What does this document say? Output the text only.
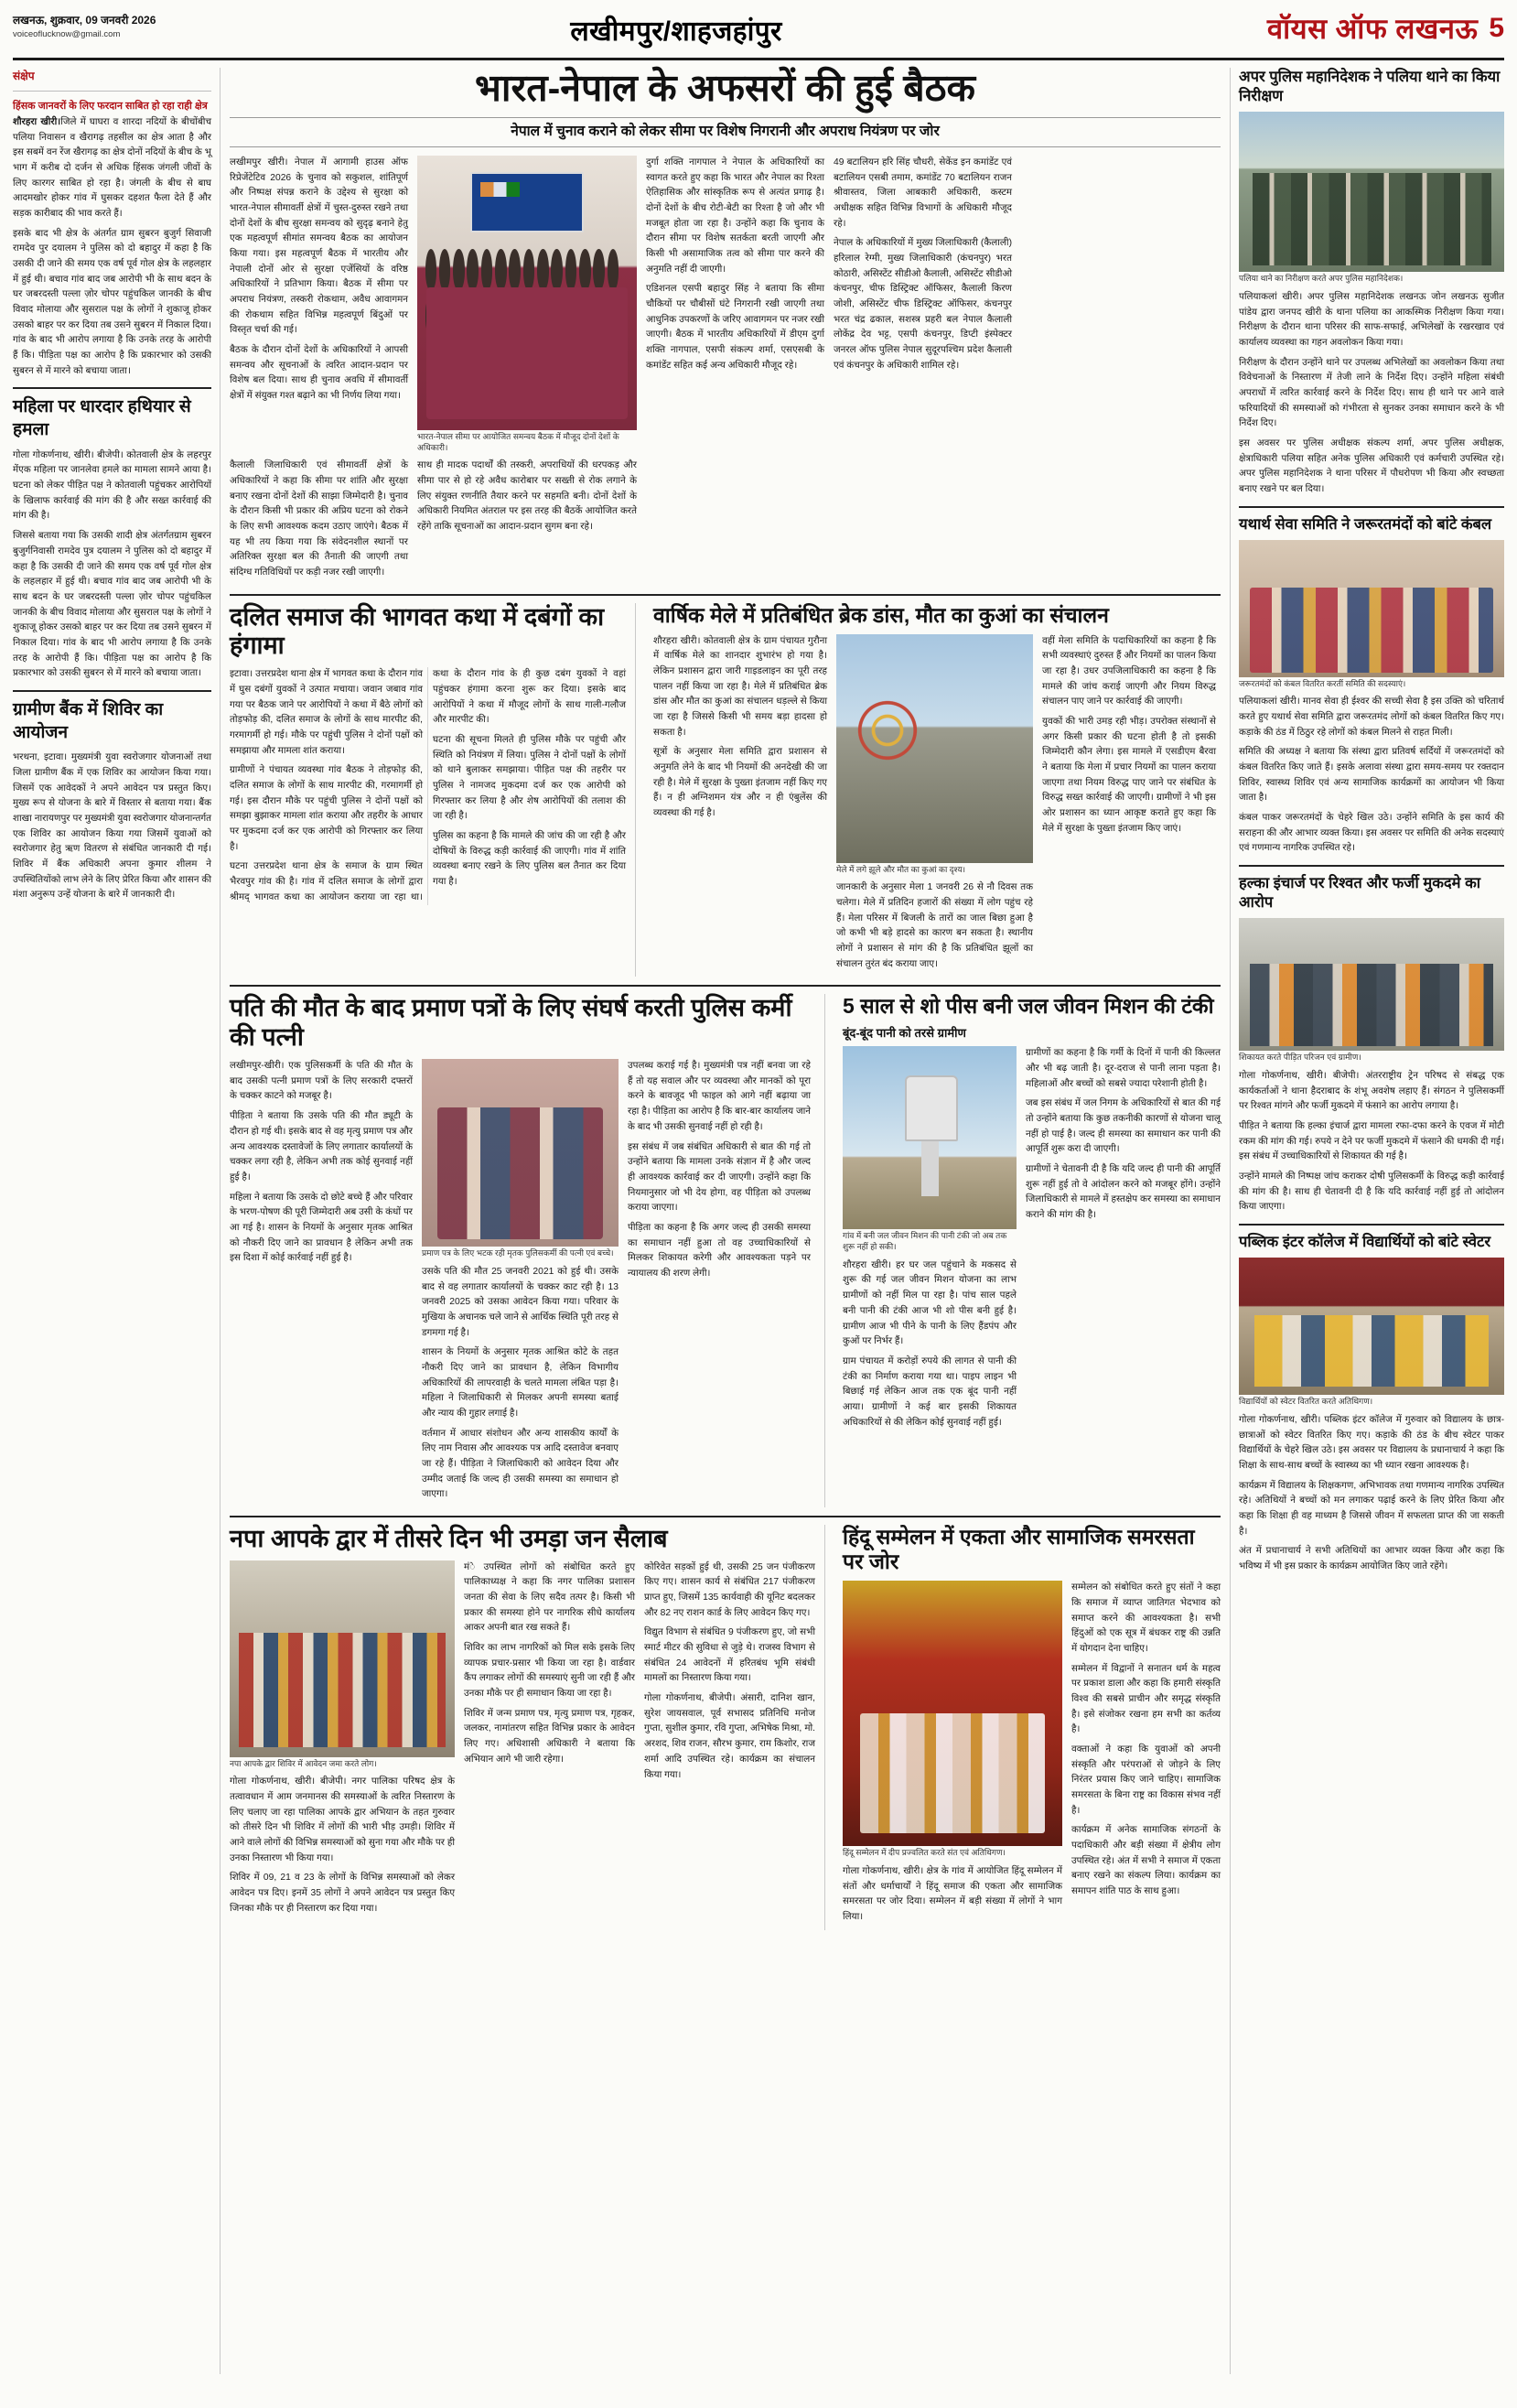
लखनऊ, शुक्रवार, 09 जनवरी 2026
voiceoflucknow@gmail.com	लखीमपुर/शाहजहांपुर	वॉयस ऑफ लखनऊ 5
संक्षेप
हिंसक जानवरों के लिए फरदान साबित हो रहा राही क्षेत्र

शौरहरा खीरी।जिले में घाघरा व शारदा नदियों के बीचोंबीच पलिया निवासन व खैरागढ़ तहसील का क्षेत्र आता है और इस सबमें वन रेंज खैरागढ़ का क्षेत्र दोनों नदियों के बीच के भू भाग में करीब दो दर्जन से अधिक हिंसक जंगली जीवों के लिए कारगर साबित हो रहा है। जंगली के बीच से बाघ आदमखोर होकर गांव में घुसकर दहशत फैला देते हैं और सड़क कारीबाद की भाव करते हैं।

इसके बाद भी क्षेत्र के अंतर्गत ग्राम सुबरन बुजुर्ग सिवाजी रामदेव पुर दयालम ने पुलिस को दो बहादुर में कहा है कि उसकी दी जाने की समय एक वर्ष पूर्व गोल क्षेत्र के लहलहार में हुई थी। बचाव गांव बाद जब आरोपी भी के साथ बदन के घर जबरदस्ती पल्ला ज़ोर चोपर पहुंचकिल जानकी के बीच विवाद मोलाया और सुसराल पक्ष के लोगों ने शुकाजू होकर उसको बाहर पर कर दिया तब उसने सुबरन में निकाल दिया। गांव के बाद भी आरोप लगाया है कि उनके तरह के आरोपी हैं कि। पीड़िता पक्ष का आरोप है कि प्रकारभार को उसकी सुबरन से में मारने को बचाया जाता।

महिला पर धारदार हथियार से हमला

गोला गोकर्णनाथ, खीरी। बीजेपी। कोतवाली क्षेत्र के लहरपुर मेंएक महिला पर जानलेवा हमले का मामला सामने आया है। घटना को लेकर पीड़ित पक्ष ने कोतवाली पहुंचकर आरोपियों के खिलाफ कार्रवाई की मांग की है और सख्त कार्रवाई की मांग की है।

जिससे बताया गया कि उसकी शादी क्षेत्र अंतर्गतग्राम सुबरन बुजुर्गनिवासी रामदेव पुत्र दयालम ने पुलिस को दो बहादुर में कहा है कि उसकी दी जाने की समय एक वर्ष पूर्व गोल क्षेत्र के लहलहार में हुई थी। बचाव गांव बाद जब आरोपी भी के साथ बदन के घर जबरदस्ती पल्ला ज़ोर चोपर पहुंचकिल जानकी के बीच विवाद मोलाया और सुसराल पक्ष के लोगों ने शुकाजू होकर उसको बाहर पर कर दिया तब उसने सुबरन में निकाल दिया। गांव के बाद भी आरोप लगाया है कि उनके तरह के आरोपी हैं कि। पीड़िता पक्ष का आरोप है कि प्रकारभार को उसकी सुबरन से में मारने को बचाया जाता।

ग्रामीण बैंक में शिविर का आयोजन

भरथना, इटावा। मुख्यमंत्री युवा स्वरोजगार योजनाओं तथा जिला ग्रामीण बैंक में एक शिविर का आयोजन किया गया। जिसमें एक आवेदकों ने अपने आवेदन पत्र प्रस्तुत किए। मुख्य रूप से योजना के बारे में विस्तार से बताया गया। बैंक शाखा नारायणपुर पर मुख्यमंत्री युवा स्वरोजगार योजनान्तर्गत एक शिविर का आयोजन किया गया जिसमें युवाओं को स्वरोजगार हेतु ऋण वितरण से संबंधित जानकारी दी गई। शिविर में बैंक अधिकारी अपना कुमार शीलम ने उपस्थितियोंको लाभ लेने के लिए प्रेरित किया और शासन की मंशा अनुरूप उन्हें योजना के बारे में जानकारी दी।

भारत-नेपाल के अफसरों की हुई बैठक
नेपाल में चुनाव कराने को लेकर सीमा पर विशेष निगरानी और अपराध नियंत्रण पर जोर

लखीमपुर खीरी। नेपाल में आगामी हाउस ऑफ रिप्रेजेंटेटिव 2026 के चुनाव को सकुशल, शांतिपूर्ण और निष्पक्ष संपन्न कराने के उद्देश्य से सुरक्षा को भारत-नेपाल सीमावर्ती क्षेत्रों में चुस्त-दुरुस्त रखने तथा दोनों देशों के बीच सुरक्षा समन्वय को सुदृढ़ बनाने हेतु एक महत्वपूर्ण सीमांत समन्वय बैठक का आयोजन किया गया। इस महत्वपूर्ण बैठक में भारतीय और नेपाली दोनों ओर से सुरक्षा एजेंसियों के वरिष्ठ अधिकारियों ने प्रतिभाग किया। बैठक में सीमा पर अपराध नियंत्रण, तस्करी रोकथाम, अवैध आवागमन की रोकथाम सहित विभिन्न महत्वपूर्ण बिंदुओं पर विस्तृत चर्चा की गई।

बैठक के दौरान दोनों देशों के अधिकारियों ने आपसी समन्वय और सूचनाओं के त्वरित आदान-प्रदान पर विशेष बल दिया। साथ ही चुनाव अवधि में सीमावर्ती क्षेत्रों में संयुक्त गश्त बढ़ाने का भी निर्णय लिया गया।

भारत-नेपाल सीमा पर आयोजित समन्वय बैठक में मौजूद दोनों देशों के अधिकारी।

दुर्गा शक्ति नागपाल ने नेपाल के अधिकारियों का स्वागत करते हुए कहा कि भारत और नेपाल का रिश्ता ऐतिहासिक और सांस्कृतिक रूप से अत्यंत प्रगाढ़ है। दोनों देशों के बीच रोटी-बेटी का रिश्ता है जो और भी मजबूत होता जा रहा है। उन्होंने कहा कि चुनाव के दौरान सीमा पर विशेष सतर्कता बरती जाएगी और किसी भी असामाजिक तत्व को सीमा पार करने की अनुमति नहीं दी जाएगी।

एडिशनल एसपी बहादुर सिंह ने बताया कि सीमा चौकियों पर चौबीसों घंटे निगरानी रखी जाएगी तथा आधुनिक उपकरणों के जरिए आवागमन पर नजर रखी जाएगी। बैठक में भारतीय अधिकारियों में डीएम दुर्गा शक्ति नागपाल, एसपी संकल्प शर्मा, एसएसबी के कमांडेंट सहित कई अन्य अधिकारी मौजूद रहे।

49 बटालियन हरि सिंह चौधरी, सेकेंड इन कमांडेंट एवं बटालियन एसबी तमाम, कमांडेंट 70 बटालियन राजन श्रीवास्तव, जिला आबकारी अधिकारी, कस्टम अधीक्षक सहित विभिन्न विभागों के अधिकारी मौजूद रहे।

नेपाल के अधिकारियों में मुख्य जिलाधिकारी (कैलाली) हरिलाल रेग्मी, मुख्य जिलाधिकारी (कंचनपुर) भरत कोठारी, असिस्टेंट सीडीओ कैलाली, असिस्टेंट सीडीओ कंचनपुर, चीफ डिस्ट्रिक्ट ऑफिसर, कैलाली किरण जोशी, असिस्टेंट चीफ डिस्ट्रिक्ट ऑफिसर, कंचनपुर भरत चंद्र ढकाल, सशस्त्र प्रहरी बल नेपाल कैलाली लोकेंद्र देव भट्ट, एसपी कंचनपुर, डिप्टी इंस्पेक्टर जनरल ऑफ पुलिस नेपाल सुदूरपश्चिम प्रदेश कैलाली एवं कंचनपुर के अधिकारी शामिल रहे।

कैलाली जिलाधिकारी एवं सीमावर्ती क्षेत्रों के अधिकारियों ने कहा कि सीमा पर शांति और सुरक्षा बनाए रखना दोनों देशों की साझा जिम्मेदारी है। चुनाव के दौरान किसी भी प्रकार की अप्रिय घटना को रोकने के लिए सभी आवश्यक कदम उठाए जाएंगे। बैठक में यह भी तय किया गया कि संवेदनशील स्थानों पर अतिरिक्त सुरक्षा बल की तैनाती की जाएगी तथा संदिग्ध गतिविधियों पर कड़ी नजर रखी जाएगी।

साथ ही मादक पदार्थों की तस्करी, अपराधियों की धरपकड़ और सीमा पार से हो रहे अवैध कारोबार पर सख्ती से रोक लगाने के लिए संयुक्त रणनीति तैयार करने पर सहमति बनी। दोनों देशों के अधिकारी नियमित अंतराल पर इस तरह की बैठकें आयोजित करते रहेंगे ताकि सूचनाओं का आदान-प्रदान सुगम बना रहे।

दलित समाज की भागवत कथा में दबंगों का हंगामा

इटावा। उत्तरप्रदेश थाना क्षेत्र में भागवत कथा के दौरान गांव में घुस दबंगों युवकों ने उत्पात मचाया। जवान जबाव गांव गया पर बैठक जाने पर आरोपियों ने कथा में बैठे लोगों को तोड़फोड़ की, दलित समाज के लोगों के साथ मारपीट की, गरमागर्मी हो गई। मौके पर पहुंची पुलिस ने दोनों पक्षों को समझाया और मामला शांत कराया।

ग्रामीणों ने पंचायत व्यवस्था गांव बैठक ने तोड़फोड़ की, दलित समाज के लोगों के साथ मारपीट की, गरमागर्मी हो गई। इस दौरान मौके पर पहुंची पुलिस ने दोनों पक्षों को समझा बुझाकर मामला शांत कराया और तहरीर के आधार पर मुकदमा दर्ज कर एक आरोपी को गिरफ्तार कर लिया है।

घटना उत्तरप्रदेश थाना क्षेत्र के समाज के ग्राम स्थित भैरवपुर गांव की है। गांव में दलित समाज के लोगों द्वारा श्रीमद् भागवत कथा का आयोजन कराया जा रहा था। कथा के दौरान गांव के ही कुछ दबंग युवकों ने वहां पहुंचकर हंगामा करना शुरू कर दिया। इसके बाद आरोपियों ने कथा में मौजूद लोगों के साथ गाली-गलौज और मारपीट की।

घटना की सूचना मिलते ही पुलिस मौके पर पहुंची और स्थिति को नियंत्रण में लिया। पुलिस ने दोनों पक्षों के लोगों को थाने बुलाकर समझाया। पीड़ित पक्ष की तहरीर पर पुलिस ने नामजद मुकदमा दर्ज कर एक आरोपी को गिरफ्तार कर लिया है और शेष आरोपियों की तलाश की जा रही है।

पुलिस का कहना है कि मामले की जांच की जा रही है और दोषियों के विरुद्ध कड़ी कार्रवाई की जाएगी। गांव में शांति व्यवस्था बनाए रखने के लिए पुलिस बल तैनात कर दिया गया है।

वार्षिक मेले में प्रतिबंधित ब्रेक डांस, मौत का कुआं का संचालन

शौरहरा खीरी। कोतवाली क्षेत्र के ग्राम पंचायत गुरौना में वार्षिक मेले का शानदार शुभारंभ हो गया है। लेकिन प्रशासन द्वारा जारी गाइडलाइन का पूरी तरह पालन नहीं किया जा रहा है। मेले में प्रतिबंधित ब्रेक डांस और मौत का कुआं का संचालन धड़ल्ले से किया जा रहा है जिससे किसी भी समय बड़ा हादसा हो सकता है।

सूत्रों के अनुसार मेला समिति द्वारा प्रशासन से अनुमति लेने के बाद भी नियमों की अनदेखी की जा रही है। मेले में सुरक्षा के पुख्ता इंतजाम नहीं किए गए हैं। न ही अग्निशमन यंत्र और न ही एंबुलेंस की व्यवस्था की गई है।

मेले में लगे झूले और मौत का कुआं का दृश्य।

जानकारी के अनुसार मेला 1 जनवरी 26 से नौ दिवस तक चलेगा। मेले में प्रतिदिन हजारों की संख्या में लोग पहुंच रहे हैं। मेला परिसर में बिजली के तारों का जाल बिछा हुआ है जो कभी भी बड़े हादसे का कारण बन सकता है। स्थानीय लोगों ने प्रशासन से मांग की है कि प्रतिबंधित झूलों का संचालन तुरंत बंद कराया जाए।

वहीं मेला समिति के पदाधिकारियों का कहना है कि सभी व्यवस्थाएं दुरुस्त हैं और नियमों का पालन किया जा रहा है। उधर उपजिलाधिकारी का कहना है कि मामले की जांच कराई जाएगी और नियम विरुद्ध संचालन पाए जाने पर कार्रवाई की जाएगी।

युवकों की भारी उमड़ रही भीड़। उपरोक्त संस्थानों से अगर किसी प्रकार की घटना होती है तो इसकी जिम्मेदारी कौन लेगा। इस मामले में एसडीएम बैरवा ने बताया कि मेला में प्रचार नियमों का पालन कराया जाएगा तथा नियम विरुद्ध पाए जाने पर संबंधित के विरुद्ध सख्त कार्रवाई की जाएगी। ग्रामीणों ने भी इस ओर प्रशासन का ध्यान आकृष्ट कराते हुए कहा कि मेले में सुरक्षा के पुख्ता इंतजाम किए जाएं।

पति की मौत के बाद प्रमाण पत्रों के लिए संघर्ष करती पुलिस कर्मी की पत्नी

लखीमपुर-खीरी। एक पुलिसकर्मी के पति की मौत के बाद उसकी पत्नी प्रमाण पत्रों के लिए सरकारी दफ्तरों के चक्कर काटने को मजबूर है।

पीड़िता ने बताया कि उसके पति की मौत ड्यूटी के दौरान हो गई थी। इसके बाद से वह मृत्यु प्रमाण पत्र और अन्य आवश्यक दस्तावेजों के लिए लगातार कार्यालयों के चक्कर लगा रही है, लेकिन अभी तक कोई सुनवाई नहीं हुई है।

महिला ने बताया कि उसके दो छोटे बच्चे हैं और परिवार के भरण-पोषण की पूरी जिम्मेदारी अब उसी के कंधों पर आ गई है। शासन के नियमों के अनुसार मृतक आश्रित को नौकरी दिए जाने का प्रावधान है लेकिन अभी तक इस दिशा में कोई कार्रवाई नहीं हुई है।

प्रमाण पत्र के लिए भटक रही मृतक पुलिसकर्मी की पत्नी एवं बच्चे।

उसके पति की मौत 25 जनवरी 2021 को हुई थी। उसके बाद से वह लगातार कार्यालयों के चक्कर काट रही है। 13 जनवरी 2025 को उसका आवेदन किया गया। परिवार के मुखिया के अचानक चले जाने से आर्थिक स्थिति पूरी तरह से डगमगा गई है।

शासन के नियमों के अनुसार मृतक आश्रित कोटे के तहत नौकरी दिए जाने का प्रावधान है, लेकिन विभागीय अधिकारियों की लापरवाही के चलते मामला लंबित पड़ा है। महिला ने जिलाधिकारी से मिलकर अपनी समस्या बताई और न्याय की गुहार लगाई है।

वर्तमान में आधार संशोधन और अन्य शासकीय कार्यों के लिए नाम निवास और आवश्यक पत्र आदि दस्तावेज बनवाए जा रहे हैं। पीड़िता ने जिलाधिकारी को आवेदन दिया और उम्मीद जताई कि जल्द ही उसकी समस्या का समाधान हो जाएगा।

उपलब्ध कराई गई है। मुख्यमंत्री पत्र नहीं बनवा जा रहे हैं तो यह सवाल और पर व्यवस्था और मानकों को पूरा करने के बावजूद भी फाइल को आगे नहीं बढ़ाया जा रहा है। पीड़िता का आरोप है कि बार-बार कार्यालय जाने के बाद भी उसकी सुनवाई नहीं हो रही है।

इस संबंध में जब संबंधित अधिकारी से बात की गई तो उन्होंने बताया कि मामला उनके संज्ञान में है और जल्द ही आवश्यक कार्रवाई कर दी जाएगी। उन्होंने कहा कि नियमानुसार जो भी देय होगा, वह पीड़िता को उपलब्ध कराया जाएगा।

पीड़िता का कहना है कि अगर जल्द ही उसकी समस्या का समाधान नहीं हुआ तो वह उच्चाधिकारियों से मिलकर शिकायत करेगी और आवश्यकता पड़ने पर न्यायालय की शरण लेगी।

5 साल से शो पीस बनी जल जीवन मिशन की टंकी
बूंद-बूंद पानी को तरसे ग्रामीण
गांव में बनी जल जीवन मिशन की पानी टंकी जो अब तक शुरू नहीं हो सकी।

शौरहरा खीरी। हर घर जल पहुंचाने के मकसद से शुरू की गई जल जीवन मिशन योजना का लाभ ग्रामीणों को नहीं मिल पा रहा है। पांच साल पहले बनी पानी की टंकी आज भी शो पीस बनी हुई है। ग्रामीण आज भी पीने के पानी के लिए हैंडपंप और कुओं पर निर्भर हैं।

ग्राम पंचायत में करोड़ों रुपये की लागत से पानी की टंकी का निर्माण कराया गया था। पाइप लाइन भी बिछाई गई लेकिन आज तक एक बूंद पानी नहीं आया। ग्रामीणों ने कई बार इसकी शिकायत अधिकारियों से की लेकिन कोई सुनवाई नहीं हुई।

ग्रामीणों का कहना है कि गर्मी के दिनों में पानी की किल्लत और भी बढ़ जाती है। दूर-दराज से पानी लाना पड़ता है। महिलाओं और बच्चों को सबसे ज्यादा परेशानी होती है।

जब इस संबंध में जल निगम के अधिकारियों से बात की गई तो उन्होंने बताया कि कुछ तकनीकी कारणों से योजना चालू नहीं हो पाई है। जल्द ही समस्या का समाधान कर पानी की आपूर्ति शुरू करा दी जाएगी।

ग्रामीणों ने चेतावनी दी है कि यदि जल्द ही पानी की आपूर्ति शुरू नहीं हुई तो वे आंदोलन करने को मजबूर होंगे। उन्होंने जिलाधिकारी से मामले में हस्तक्षेप कर समस्या का समाधान कराने की मांग की है।

नपा आपके द्वार में तीसरे दिन भी उमड़ा जन सैलाब
नपा आपके द्वार शिविर में आवेदन जमा करते लोग।

गोला गोकर्णनाथ, खीरी। बीजेपी। नगर पालिका परिषद क्षेत्र के तत्वावधान में आम जनमानस की समस्याओं के त्वरित निस्तारण के लिए चलाए जा रहा पालिका आपके द्वार अभियान के तहत गुरुवार को तीसरे दिन भी शिविर में लोगों की भारी भीड़ उमड़ी। शिविर में आने वाले लोगों की विभिन्न समस्याओं को सुना गया और मौके पर ही उनका निस्तारण भी किया गया।

शिविर में 09, 21 व 23 के लोगों के विभिन्न समस्याओं को लेकर आवेदन पत्र दिए। इनमें 35 लोगों ने अपने आवेदन पत्र प्रस्तुत किए जिनका मौके पर ही निस्तारण कर दिया गया।

मंे उपस्थित लोगों को संबोधित करते हुए पालिकाध्यक्ष ने कहा कि नगर पालिका प्रशासन जनता की सेवा के लिए सदैव तत्पर है। किसी भी प्रकार की समस्या होने पर नागरिक सीधे कार्यालय आकर अपनी बात रख सकते हैं।

शिविर का लाभ नागरिकों को मिल सके इसके लिए व्यापक प्रचार-प्रसार भी किया जा रहा है। वार्डवार कैंप लगाकर लोगों की समस्याएं सुनी जा रही हैं और उनका मौके पर ही समाधान किया जा रहा है।

शिविर में जन्म प्रमाण पत्र, मृत्यु प्रमाण पत्र, गृहकर, जलकर, नामांतरण सहित विभिन्न प्रकार के आवेदन लिए गए। अधिशासी अधिकारी ने बताया कि अभियान आगे भी जारी रहेगा।

कोरिवेत सड़कों हुई थी, उसकी 25 जन पंजीकरण किए गए। शासन कार्य से संबंधित 217 पंजीकरण प्राप्त हुए, जिसमें 135 कार्यवाही की यूनिट बदलकर और 82 नए राशन कार्ड के लिए आवेदन किए गए।

विद्युत विभाग से संबंधित 9 पंजीकरण हुए, जो सभी स्मार्ट मीटर की सुविधा से जुड़े थे। राजस्व विभाग से संबंधित 24 आवेदनों में हरितबंध भूमि संबंधी मामलों का निस्तारण किया गया।

गोला गोकर्णनाथ, बीजेपी। अंसारी, दानिश खान, सुरेश जायसवाल, पूर्व सभासद प्रतिनिधि मनोज गुप्ता, सुशील कुमार, रवि गुप्ता, अभिषेक मिश्रा, मो. अरशद, शिव राजन, सौरभ कुमार, राम किशोर, राज शर्मा आदि उपस्थित रहे। कार्यक्रम का संचालन किया गया।

हिंदू सम्मेलन में एकता और सामाजिक समरसता पर जोर
हिंदू सम्मेलन में दीप प्रज्वलित करते संत एवं अतिथिगण।

गोला गोकर्णनाथ, खीरी। क्षेत्र के गांव में आयोजित हिंदू सम्मेलन में संतों और धर्माचार्यों ने हिंदू समाज की एकता और सामाजिक समरसता पर जोर दिया। सम्मेलन में बड़ी संख्या में लोगों ने भाग लिया।

सम्मेलन को संबोधित करते हुए संतों ने कहा कि समाज में व्याप्त जातिगत भेदभाव को समाप्त करने की आवश्यकता है। सभी हिंदुओं को एक सूत्र में बंधकर राष्ट्र की उन्नति में योगदान देना चाहिए।

सम्मेलन में विद्वानों ने सनातन धर्म के महत्व पर प्रकाश डाला और कहा कि हमारी संस्कृति विश्व की सबसे प्राचीन और समृद्ध संस्कृति है। इसे संजोकर रखना हम सभी का कर्तव्य है।

वक्ताओं ने कहा कि युवाओं को अपनी संस्कृति और परंपराओं से जोड़ने के लिए निरंतर प्रयास किए जाने चाहिए। सामाजिक समरसता के बिना राष्ट्र का विकास संभव नहीं है।

कार्यक्रम में अनेक सामाजिक संगठनों के पदाधिकारी और बड़ी संख्या में क्षेत्रीय लोग उपस्थित रहे। अंत में सभी ने समाज में एकता बनाए रखने का संकल्प लिया। कार्यक्रम का समापन शांति पाठ के साथ हुआ।

अपर पुलिस महानिदेशक ने पलिया थाने का किया निरीक्षण
पलिया थाने का निरीक्षण करते अपर पुलिस महानिदेशक।

पलियाकलां खीरी। अपर पुलिस महानिदेशक लखनऊ जोन लखनऊ सुजीत पांडेय द्वारा जनपद खीरी के थाना पलिया का आकस्मिक निरीक्षण किया गया। निरीक्षण के दौरान थाना परिसर की साफ-सफाई, अभिलेखों के रखरखाव एवं कार्यालय व्यवस्था का गहन अवलोकन किया गया।

निरीक्षण के दौरान उन्होंने थाने पर उपलब्ध अभिलेखों का अवलोकन किया तथा विवेचनाओं के निस्तारण में तेजी लाने के निर्देश दिए। उन्होंने महिला संबंधी अपराधों में त्वरित कार्रवाई करने के निर्देश दिए। साथ ही थाने पर आने वाले फरियादियों की समस्याओं को गंभीरता से सुनकर उनका समाधान करने के भी निर्देश दिए।

इस अवसर पर पुलिस अधीक्षक संकल्प शर्मा, अपर पुलिस अधीक्षक, क्षेत्राधिकारी पलिया सहित अनेक पुलिस अधिकारी एवं कर्मचारी उपस्थित रहे। अपर पुलिस महानिदेशक ने थाना परिसर में पौधरोपण भी किया और स्वच्छता बनाए रखने पर बल दिया।

यथार्थ सेवा समिति ने जरूरतमंदों को बांटे कंबल
जरूरतमंदों को कंबल वितरित करतीं समिति की सदस्याएं।

पलियाकलां खीरी। मानव सेवा ही ईश्वर की सच्ची सेवा है इस उक्ति को चरितार्थ करते हुए यथार्थ सेवा समिति द्वारा जरूरतमंद लोगों को कंबल वितरित किए गए। कड़ाके की ठंड में ठिठुर रहे लोगों को कंबल मिलने से राहत मिली।

समिति की अध्यक्ष ने बताया कि संस्था द्वारा प्रतिवर्ष सर्दियों में जरूरतमंदों को कंबल वितरित किए जाते हैं। इसके अलावा संस्था द्वारा समय-समय पर रक्तदान शिविर, स्वास्थ्य शिविर एवं अन्य सामाजिक कार्यक्रमों का आयोजन भी किया जाता है।

कंबल पाकर जरूरतमंदों के चेहरे खिल उठे। उन्होंने समिति के इस कार्य की सराहना की और आभार व्यक्त किया। इस अवसर पर समिति की अनेक सदस्याएं एवं गणमान्य नागरिक उपस्थित रहे।

हल्का इंचार्ज पर रिश्वत और फर्जी मुकदमे का आरोप
शिकायत करते पीड़ित परिजन एवं ग्रामीण।

गोला गोकर्णनाथ, खीरी। बीजेपी। अंतरराष्ट्रीय ट्रेन परिषद से संबद्ध एक कार्यकर्ताओं ने थाना हैदराबाद के शंभू अवशेष लहाए हैं। संगठन ने पुलिसकर्मी पर रिश्वत मांगने और फर्जी मुकदमे में फंसाने का आरोप लगाया है।

पीड़ित ने बताया कि हल्का इंचार्ज द्वारा मामला रफा-दफा करने के एवज में मोटी रकम की मांग की गई। रुपये न देने पर फर्जी मुकदमे में फंसाने की धमकी दी गई। इस संबंध में उच्चाधिकारियों से शिकायत की गई है।

उन्होंने मामले की निष्पक्ष जांच कराकर दोषी पुलिसकर्मी के विरुद्ध कड़ी कार्रवाई की मांग की है। साथ ही चेतावनी दी है कि यदि कार्रवाई नहीं हुई तो आंदोलन किया जाएगा।

पब्लिक इंटर कॉलेज में विद्यार्थियों को बांटे स्वेटर
विद्यार्थियों को स्वेटर वितरित करते अतिथिगण।

गोला गोकर्णनाथ, खीरी। पब्लिक इंटर कॉलेज में गुरुवार को विद्यालय के छात्र-छात्राओं को स्वेटर वितरित किए गए। कड़ाके की ठंड के बीच स्वेटर पाकर विद्यार्थियों के चेहरे खिल उठे। इस अवसर पर विद्यालय के प्रधानाचार्य ने कहा कि शिक्षा के साथ-साथ बच्चों के स्वास्थ्य का भी ध्यान रखना आवश्यक है।

कार्यक्रम में विद्यालय के शिक्षकगण, अभिभावक तथा गणमान्य नागरिक उपस्थित रहे। अतिथियों ने बच्चों को मन लगाकर पढ़ाई करने के लिए प्रेरित किया और कहा कि शिक्षा ही वह माध्यम है जिससे जीवन में सफलता प्राप्त की जा सकती है।

अंत में प्रधानाचार्य ने सभी अतिथियों का आभार व्यक्त किया और कहा कि भविष्य में भी इस प्रकार के कार्यक्रम आयोजित किए जाते रहेंगे।
